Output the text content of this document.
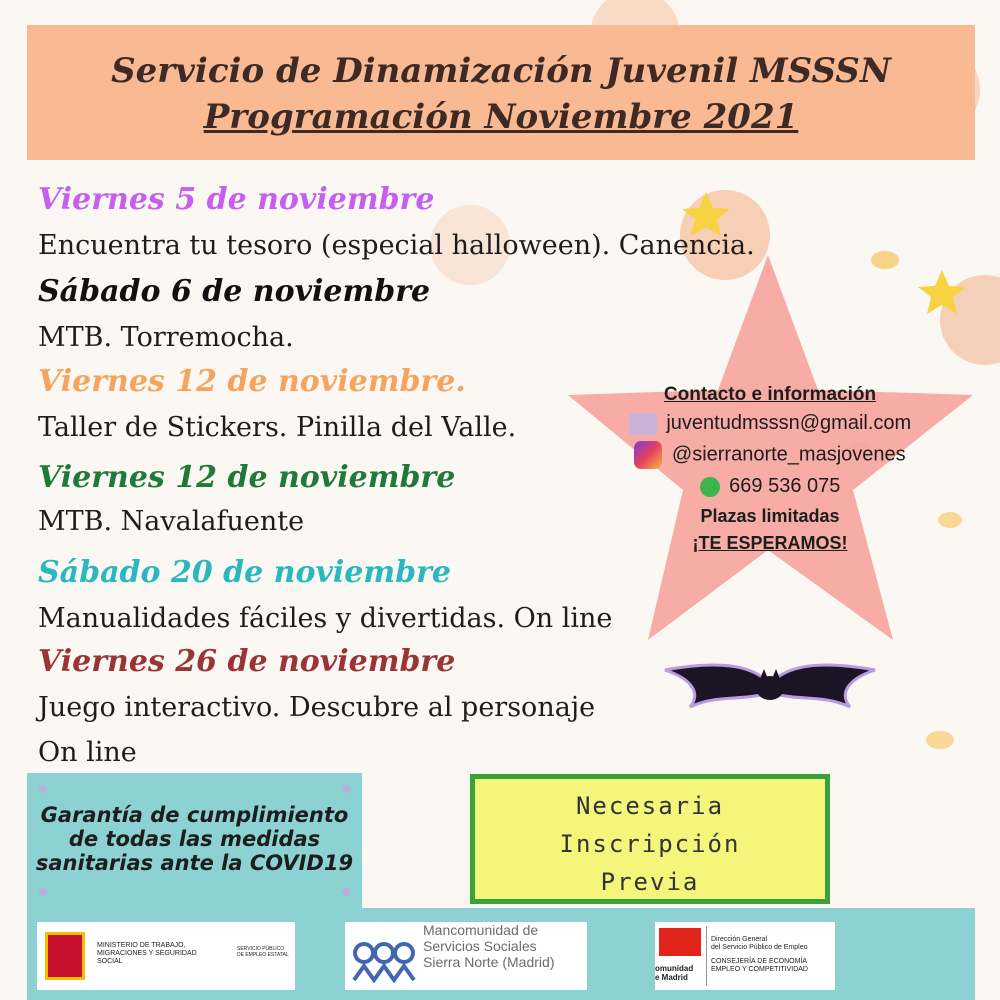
Servicio de Dinamización Juvenil MSSSN
Programación Noviembre 2021
Viernes 5 de noviembre
Encuentra tu tesoro (especial halloween). Canencia.
Sábado 6 de noviembre
MTB. Torremocha.
Viernes 12 de noviembre.
Taller de Stickers. Pinilla del Valle.
Viernes 12 de noviembre
MTB. Navalafuente
Sábado 20 de noviembre
Manualidades fáciles y divertidas. On line
Viernes 26 de noviembre
Juego interactivo. Descubre al personaje
On line
Contacto e información
juventudmsssn@gmail.com
@sierranorte_masjovenes
669 536 075
Plazas limitadas
¡TE ESPERAMOS!
Garantía de cumplimiento de todas las medidas sanitarias ante la COVID19
Necesaria
Inscripción
Previa
MINISTERIO DE TRABAJO, MIGRACIONES Y SEGURIDAD SOCIAL
SERVICIO PÚBLICO DE EMPLEO ESTATAL
Mancomunidad de
Servicios Sociales
Sierra Norte (Madrid)	omunidad
e Madrid
Dirección General
del Servicio Público de Empleo
CONSEJERÍA DE ECONOMÍA
EMPLEO Y COMPETITIVIDAD
